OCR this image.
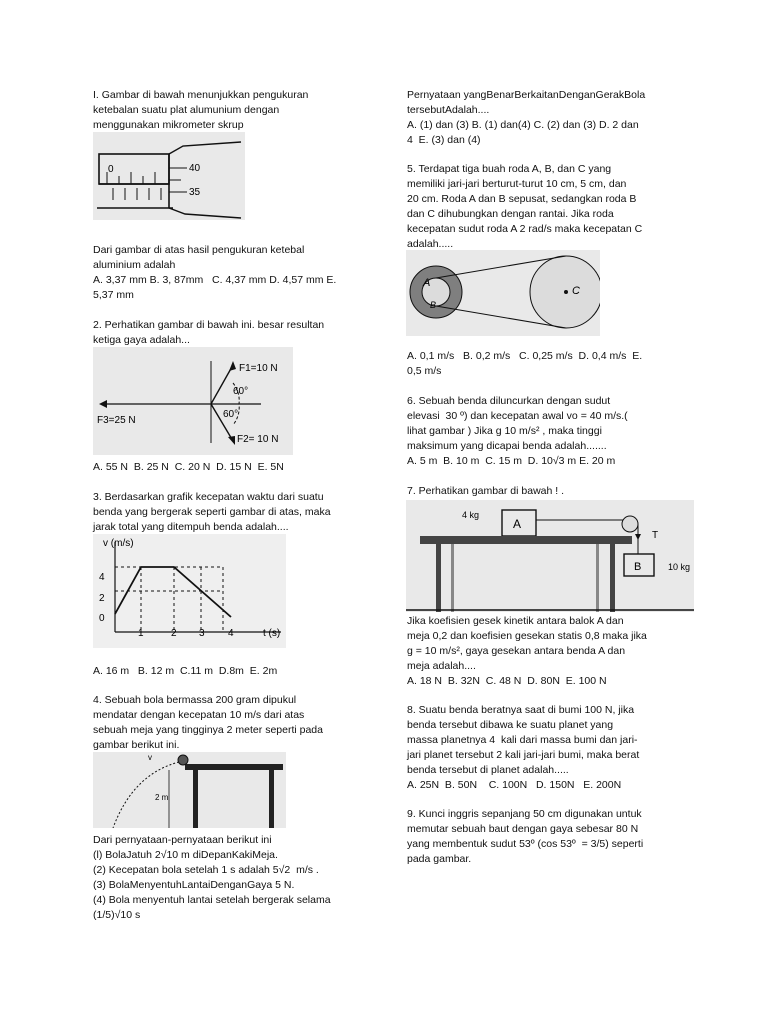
I. Gambar di bawah menunjukkan pengukuran
ketebalan suatu plat alumunium dengan
menggunakan mikrometer skrup

40
35
0

Dari gambar di atas hasil pengukuran ketebal
aluminium adalah
A. 3,37 mm B. 3, 87mm   C. 4,37 mm D. 4,57 mm E.
5,37 mm

2. Perhatikan gambar di bawah ini. besar resultan
ketiga gaya adalah...

F1=10 N
60°
60°
F2= 10 N
F3=25 N

A. 55 N  B. 25 N  C. 20 N  D. 15 N  E. 5N

3. Berdasarkan grafik kecepatan waktu dari suatu
benda yang bergerak seperti gambar di atas, maka
jarak total yang ditempuh benda adalah....

v (m/s)
4
2
0
1	2 3 4	t (s)

A. 16 m   B. 12 m  C.11 m  D.8m  E. 2m

4. Sebuah bola bermassa 200 gram dipukul
mendatar dengan kecepatan 10 m/s dari atas
sebuah meja yang tingginya 2 meter seperti pada
gambar berikut ini.

v
2 m

Dari pernyataan-pernyataan berikut ini
(l) BolaJatuh 2√10 m diDepanKakiMeja.
(2) Kecepatan bola setelah 1 s adalah 5√2  m/s .
(3) BolaMenyentuhLantaiDenganGaya 5 N.
(4) Bola menyentuh lantai setelah bergerak selama
(1/5)√10 s

Pernyataan yangBenarBerkaitanDenganGerakBola
tersebutAdalah....
A. (1) dan (3) B. (1) dan(4) C. (2) dan (3) D. 2 dan
4  E. (3) dan (4)

5. Terdapat tiga buah roda A, B, dan C yang
memiliki jari-jari berturut-turut 10 cm, 5 cm, dan
20 cm. Roda A dan B sepusat, sedangkan roda B
dan C dihubungkan dengan rantai. Jika roda
kecepatan sudut roda A 2 rad/s maka kecepatan C
adalah.....

A
B
C

A. 0,1 m/s   B. 0,2 m/s   C. 0,25 m/s  D. 0,4 m/s  E.
0,5 m/s

6. Sebuah benda diluncurkan dengan sudut
elevasi  30 º) dan kecepatan awal vo = 40 m/s.(
lihat gambar ) Jika g 10 m/s² , maka tinggi
maksimum yang dicapai benda adalah.......
A. 5 m  B. 10 m  C. 15 m  D. 10√3 m E. 20 m

7. Perhatikan gambar di bawah ! .

4 kg
A
T
B	10 kg

Jika koefisien gesek kinetik antara balok A dan
meja 0,2 dan koefisien gesekan statis 0,8 maka jika
g = 10 m/s², gaya gesekan antara benda A dan
meja adalah....
A. 18 N  B. 32N  C. 48 N  D. 80N  E. 100 N

8. Suatu benda beratnya saat di bumi 100 N, jika
benda tersebut dibawa ke suatu planet yang
massa planetnya 4  kali dari massa bumi dan jari-
jari planet tersebut 2 kali jari-jari bumi, maka berat
benda tersebut di planet adalah.....
A. 25N  B. 50N    C. 100N   D. 150N   E. 200N

9. Kunci inggris sepanjang 50 cm digunakan untuk
memutar sebuah baut dengan gaya sebesar 80 N
yang membentuk sudut 53º (cos 53º  = 3/5) seperti
pada gambar.
